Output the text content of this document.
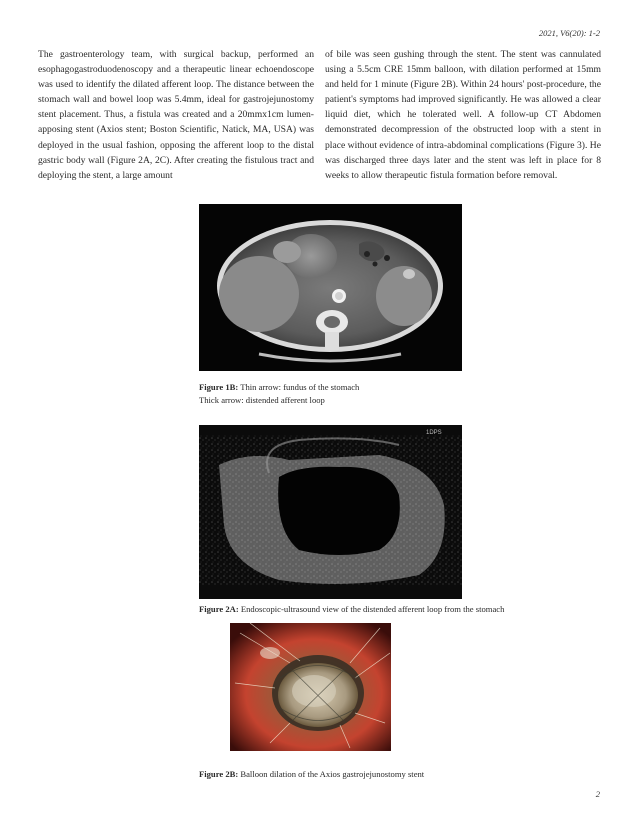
2021, V6(20): 1-2
The gastroenterology team, with surgical backup, performed an esophagogastroduodenoscopy and a therapeutic linear echoendoscope was used to identify the dilated afferent loop. The distance between the stomach wall and bowel loop was 5.4mm, ideal for gastrojejunostomy stent placement. Thus, a fistula was created and a 20mmx1cm lumen-apposing stent (Axios stent; Boston Scientific, Natick, MA, USA) was deployed in the usual fashion, opposing the afferent loop to the distal gastric body wall (Figure 2A, 2C). After creating the fistulous tract and deploying the stent, a large amount
of bile was seen gushing through the stent. The stent was cannulated using a 5.5cm CRE 15mm balloon, with dilation performed at 15mm and held for 1 minute (Figure 2B). Within 24 hours' post-procedure, the patient's symptoms had improved significantly. He was allowed a clear liquid diet, which he tolerated well. A follow-up CT Abdomen demonstrated decompression of the obstructed loop with a stent in place without evidence of intra-abdominal complications (Figure 3). He was discharged three days later and the stent was left in place for 8 weeks to allow therapeutic fistula formation before removal.
Figure 1B: Thin arrow: fundus of the stomach
Thick arrow: distended afferent loop
1DPS
Figure 2A: Endoscopic-ultrasound view of the distended afferent loop from the stomach
Figure 2B: Balloon dilation of the Axios gastrojejunostomy stent
2
